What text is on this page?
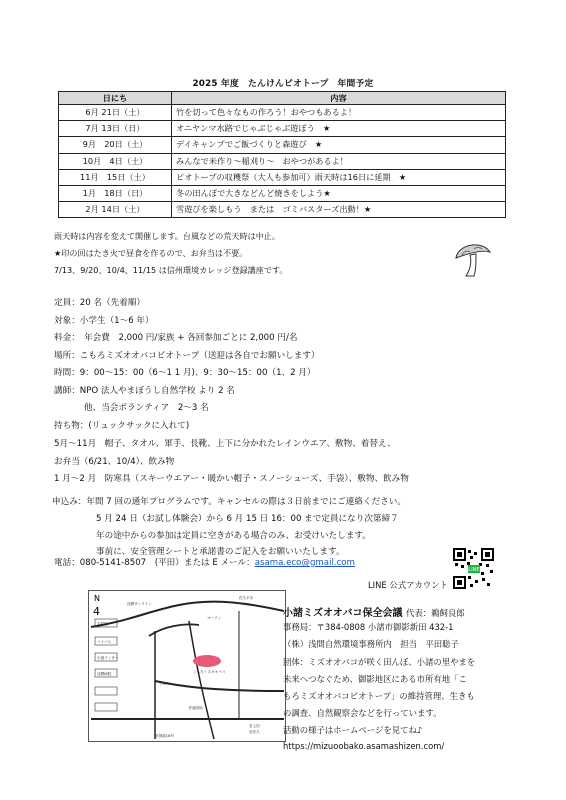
2025 年度　たんけんビオトープ　年間予定
日にち	内容
6月 21日（土）	竹を切って色々なもの作ろう！おやつもあるよ！
7月 13日（日）	オニヤンマ水路でじゃぶじゃぶ遊ぼう　★
9月　20日（土）	デイキャンプでご飯づくりと森遊び　★
10月　4日（土）	みんなで米作り～稲刈り～　おやつがあるよ！
11月　15日（土）	ビオトープの収穫祭（大人も参加可）雨天時は16日に延期　★
1月　18日（日）	冬の田んぼで大きなどんど焼きをしよう★
2月 14日（土）	雪遊びを楽しもう　または　ゴミバスターズ出動！★
雨天時は内容を変えて開催します。台風などの荒天時は中止。
★印の回はたき火で昼食を作るので、お弁当は不要。
7/13、9/20、10/4、11/15 は信州環境カレッジ登録講座です。
定員：20 名（先着順）
対象：小学生（1～6 年）
料金：　年会費　2,000 円/家族 + 各回参加ごとに 2,000 円/名
場所：こもろミズオオバコビオトープ（送迎は各自でお願いします）
時間：9：00～15：00（6～1 1 月)、9：30～15：00（1、2 月）
講師：NPO 法人やまぼうし自然学校 より 2 名
他、当会ボランティア　2～3 名
持ち物：(リュックサックに入れて)
5月～11月　帽子、タオル、軍手、長靴、上下に分かれたレインウエア、敷物、着替え、
お弁当（6/21、10/4）、飲み物
1 月～2 月　防寒具（スキーウエアー・暖かい帽子・スノーシューズ、手袋）、敷物、飲み物
申込み：年間 7 回の通年プログラムです。キャンセルの際は３日前までにご連絡ください。
5 月 24 日（お試し体験会）から 6 月 15 日 16：00 まで定員になり次第締７
年の途中からの参加は定員に空きがある場合のみ、お受けいたします。
事前に、安全管理シートと承諾書のご記入をお願いいたします。
電話：080-5141-8507　(平田）または E メール：asama.eco@gmail.com
LINE
LINE 公式アカウント
N
4
浅間サンライン
佐久平市
ヨーソン
こもろミズオオバコ
ツルヤ
至国道18号
至上田
至佐久
柏屋酒店
平原駅
バイパス
小諸インター
浅間病院
小諸ミズオオバコ保全会議 代表：鵜飼良郎
事務局：〒384-0808 小諸市御影新田 432-1
（株）浅間自然環境事務所内　担当　平田聡子
団体：ミズオオバコが咲く田んぼ、小諸の里やまを
未来へつなぐため、御影地区にある市所有地「こ
もろミズオオバコビオトープ」の維持管理、生きも
の調査、自然観察会などを行っています。
活動の様子はホームページを見てね♪
https://mizuoobako.asamashizen.com/
